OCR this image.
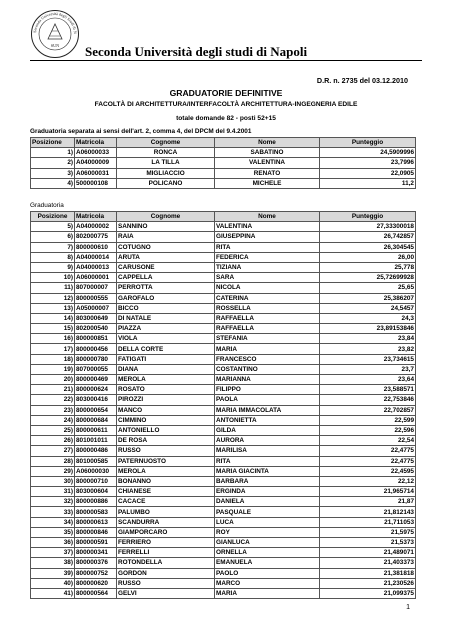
Seconda Università degli Studi di N
SUN Seconda Università degli studi di Napoli
D.R. n. 2735 del 03.12.2010
GRADUATORIE DEFINITIVE
FACOLTÀ DI ARCHITETTURA/INTERFACOLTÀ ARCHITETTURA-INGEGNERIA EDILE
totale domande 82 - posti 52+15
Graduatoria separata ai sensi dell'art. 2, comma 4, del DPCM del 9.4.2001
Posizione	Matricola	Cognome	Nome	Punteggio
1)	A06000033	RONCA	SABATINO	24,5909996
2)	A04000009	LA TILLA	VALENTINA	23,7996
3)	A06000031	MIGLIACCIO	RENATO	22,0905
4)	500000108	POLICANO	MICHELE	11,2
Graduatoria
Posizione	Matricola	Cognome	Nome	Punteggio
5)	A04000002	SANNINO	VALENTINA	27,33300018
6)	802000775	RAIA	GIUSEPPINA	26,742857
7)	800000610	COTUGNO	RITA	26,304545
8)	A04000014	ARUTA	FEDERICA	26,00
9)	A04000013	CARUSONE	TIZIANA	25,778
10)	A06000001	CAPPELLA	SARA	25,72699928
11)	807000007	PERROTTA	NICOLA	25,65
12)	800000555	GAROFALO	CATERINA	25,386207
13)	A05000007	BICCO	ROSSELLA	24,5457
14)	803000649	DI NATALE	RAFFAELLA	24,3
15)	802000540	PIAZZA	RAFFAELLA	23,89153846
16)	800000851	VIOLA	STEFANIA	23,84
17)	800000456	DELLA CORTE	MARIA	23,82
18)	800000780	FATIGATI	FRANCESCO	23,734615
19)	807000055	DIANA	COSTANTINO	23,7
20)	800000469	MEROLA	MARIANNA	23,64
21)	800000624	ROSATO	FILIPPO	23,588571
22)	803000416	PIROZZI	PAOLA	22,753846
23)	800000654	MANCO	MARIA IMMACOLATA	22,702857
24)	800000684	CIMMINO	ANTONIETTA	22,599
25)	800000611	ANTONIELLO	GILDA	22,596
26)	801001011	DE ROSA	AURORA	22,54
27)	800000486	RUSSO	MARILISA	22,4775
28)	801000585	PATERNUOSTO	RITA	22,4775
29)	A06000030	MEROLA	MARIA GIACINTA	22,4595
30)	800000710	BONANNO	BARBARA	22,12
31)	803000604	CHIANESE	ERGINDA	21,965714
32)	800000886	CACACE	DANIELA	21,87
33)	800000583	PALUMBO	PASQUALE	21,812143
34)	800000613	SCANDURRA	LUCA	21,711053
35)	800000846	GIAMPORCARO	ROY	21,5975
36)	800000591	FERRIERO	GIANLUCA	21,5373
37)	800000341	FERRELLI	ORNELLA	21,489071
38)	800000376	ROTONDELLA	EMANUELA	21,403373
39)	800000752	GORDON	PAOLO	21,381818
40)	800000620	RUSSO	MARCO	21,230526
41)	800000564	GELVI	MARIA	21,099375
1
